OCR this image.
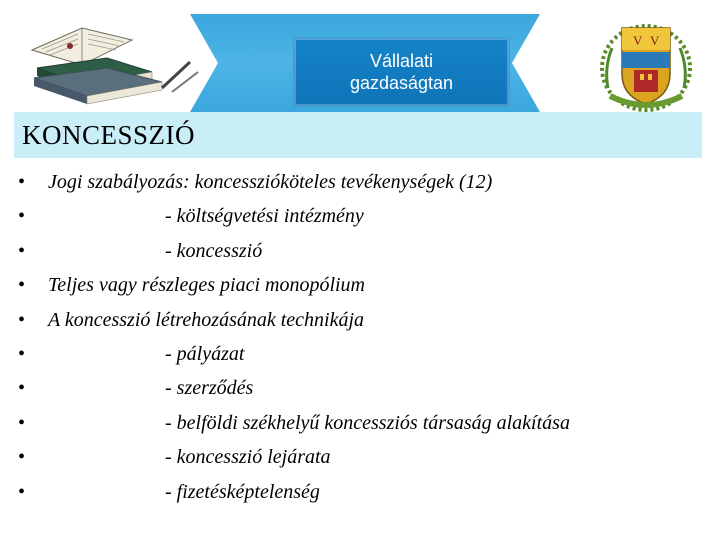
Vállalati
gazdaságtan
V V
KONCESSZIÓ
• Jogi szabályozás: koncesszióköteles tevékenységek (12)
•	- költségvetési intézmény
•	- koncesszió
• Teljes vagy részleges piaci monopólium
• A koncesszió létrehozásának technikája
•	- pályázat
•	- szerződés
•	- belföldi székhelyű koncessziós társaság alakítása
•	- koncesszió lejárata
•	- fizetésképtelenség
